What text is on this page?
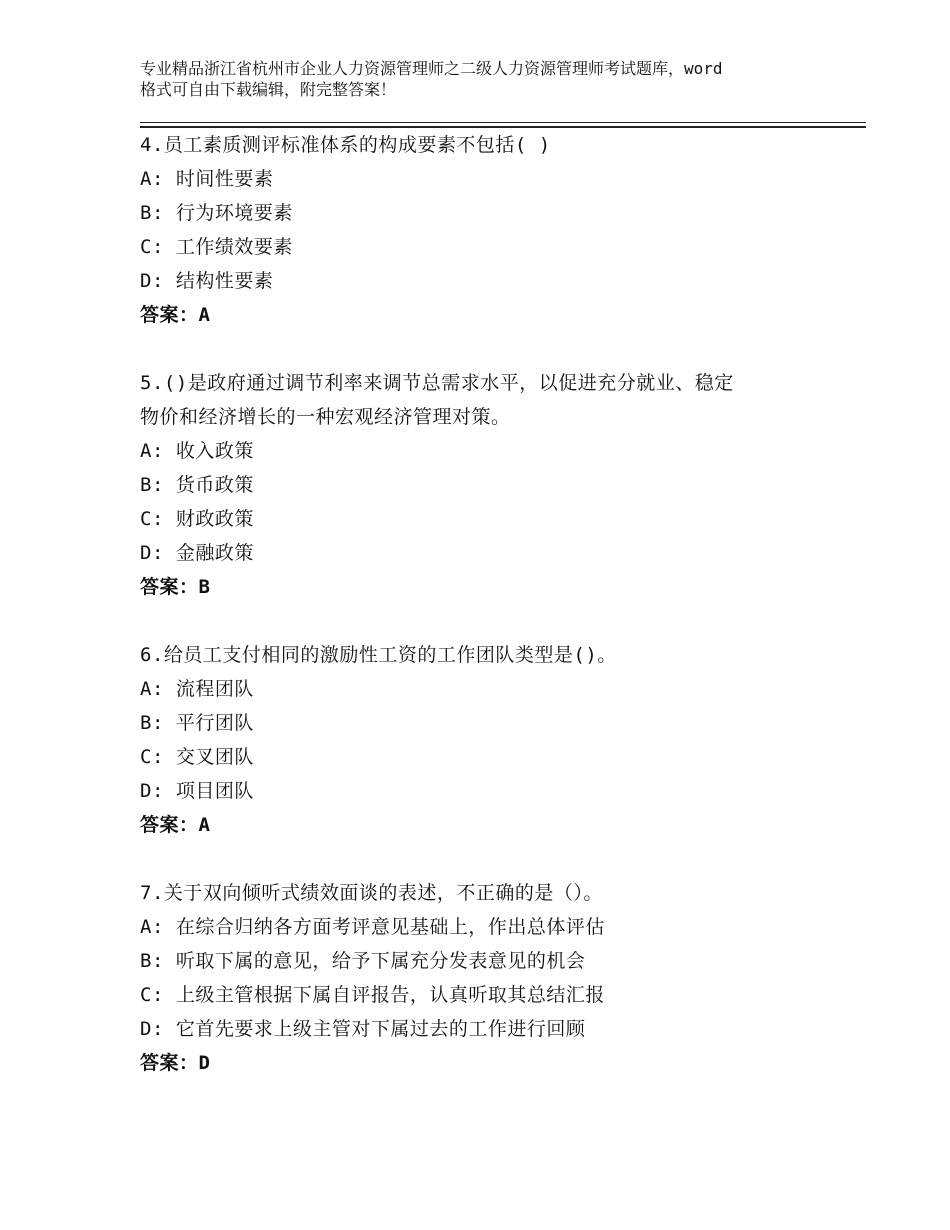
专业精品浙江省杭州市企业人力资源管理师之二级人力资源管理师考试题库，word
格式可自由下载编辑，附完整答案！
4.员工素质测评标准体系的构成要素不包括( )
A: 时间性要素
B: 行为环境要素
C: 工作绩效要素
D: 结构性要素
答案：A
5.()是政府通过调节利率来调节总需求水平，以促进充分就业、稳定
物价和经济增长的一种宏观经济管理对策。
A: 收入政策
B: 货币政策
C: 财政政策
D: 金融政策
答案：B
6.给员工支付相同的激励性工资的工作团队类型是()。
A: 流程团队
B: 平行团队
C: 交叉团队
D: 项目团队
答案：A
7.关于双向倾听式绩效面谈的表述，不正确的是（）。
A: 在综合归纳各方面考评意见基础上，作出总体评估
B: 听取下属的意见，给予下属充分发表意见的机会
C: 上级主管根据下属自评报告，认真听取其总结汇报
D: 它首先要求上级主管对下属过去的工作进行回顾
答案：D
